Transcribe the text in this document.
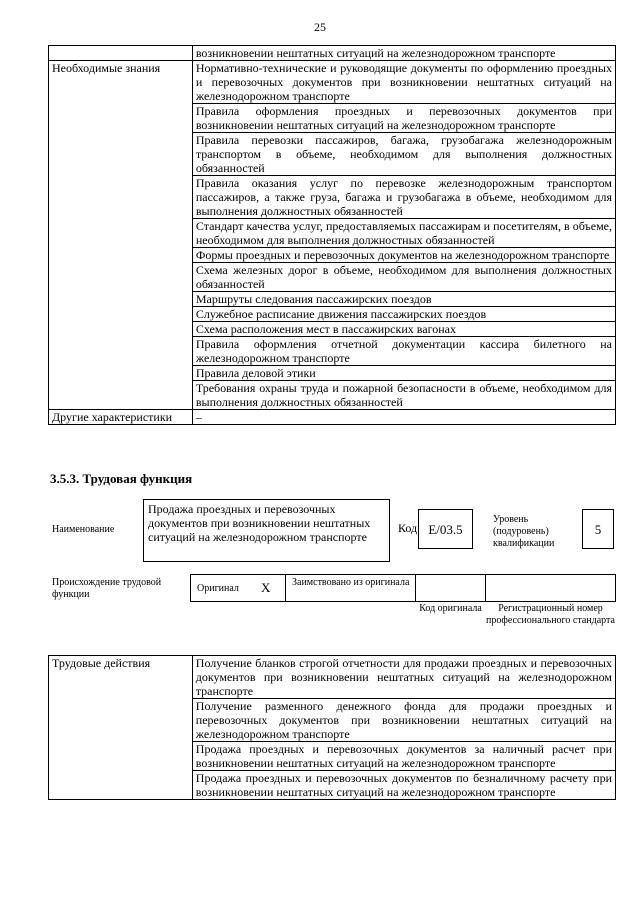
25
	возникновении нештатных ситуаций на железнодорожном транспорте
Необходимые знания	Нормативно-технические и руководящие документы по оформлению проездных и перевозочных документов при возникновении нештатных ситуаций на железнодорожном транспорте
	Правила оформления проездных и перевозочных документов при возникновении нештатных ситуаций на железнодорожном транспорте
	Правила перевозки пассажиров, багажа, грузобагажа железнодорожным транспортом в объеме, необходимом для выполнения должностных обязанностей
	Правила оказания услуг по перевозке железнодорожным транспортом пассажиров, а также груза, багажа и грузобагажа в объеме, необходимом для выполнения должностных обязанностей
	Стандарт качества услуг, предоставляемых пассажирам и посетителям, в объеме, необходимом для выполнения должностных обязанностей
	Формы проездных и перевозочных документов на железнодорожном транспорте
	Схема железных дорог в объеме, необходимом для выполнения должностных обязанностей
	Маршруты следования пассажирских поездов
	Служебное расписание движения пассажирских поездов
	Схема расположения мест в пассажирских вагонах
	Правила оформления отчетной документации кассира билетного на железнодорожном транспорте
	Правила деловой этики
	Требования охраны труда и пожарной безопасности в объеме, необходимом для выполнения должностных обязанностей
Другие характеристики	–
3.5.3. Трудовая функция
Наименование
Продажа проездных и перевозочных документов при возникновении нештатных ситуаций на железнодорожном транспорте
Код E/03.5
Уровень (подуровень) квалификации
5
Происхождение трудовой функции
Оригинал X Заимствовано из оригинала
Код оригинала	Регистрационный номер профессионального стандарта
Трудовые действия	Получение бланков строгой отчетности для продажи проездных и перевозочных документов при возникновении нештатных ситуаций на железнодорожном транспорте
Получение разменного денежного фонда для продажи проездных и перевозочных документов при возникновении нештатных ситуаций на железнодорожном транспорте
Продажа проездных и перевозочных документов за наличный расчет при возникновении нештатных ситуаций на железнодорожном транспорте
Продажа проездных и перевозочных документов по безналичному расчету при возникновении нештатных ситуаций на железнодорожном транспорте
